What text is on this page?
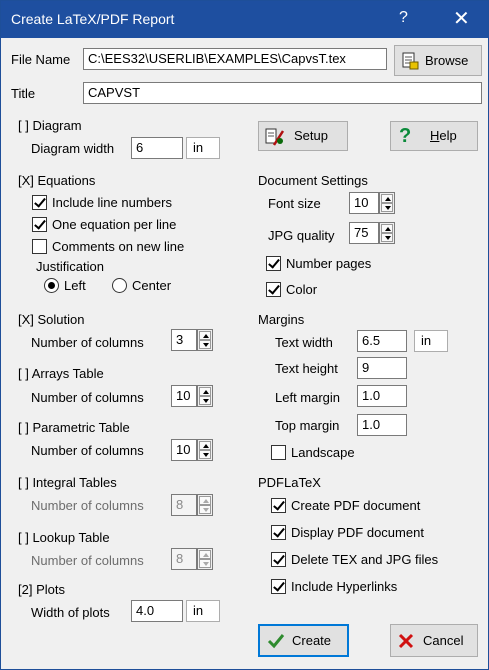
Create LaTeX/PDF Report	? ✕
File Name	C:\EES32\USERLIB\EXAMPLES\CapvsT.tex	Browse
Title	CAPVST
[ ] Diagram
Diagram width	6	in
Setup	? Help
[X] Equations
Include line numbers
One equation per line
Comments on new line
Justification
Left	Center
Document Settings
Font size	10
JPG quality	75
Number pages
Color
[X] Solution
Number of columns	3
[ ] Arrays Table
Number of columns	10
[ ] Parametric Table
Number of columns	10
[ ] Integral Tables
Number of columns	8
[ ] Lookup Table
Number of columns	8
[2] Plots
Width of plots	4.0	in
Margins
Text width	6.5	in
Text height	9
Left margin	1.0
Top margin	1.0
Landscape
PDFLaTeX
Create PDF document
Display PDF document
Delete TEX and JPG files
Include Hyperlinks
Create	Cancel
